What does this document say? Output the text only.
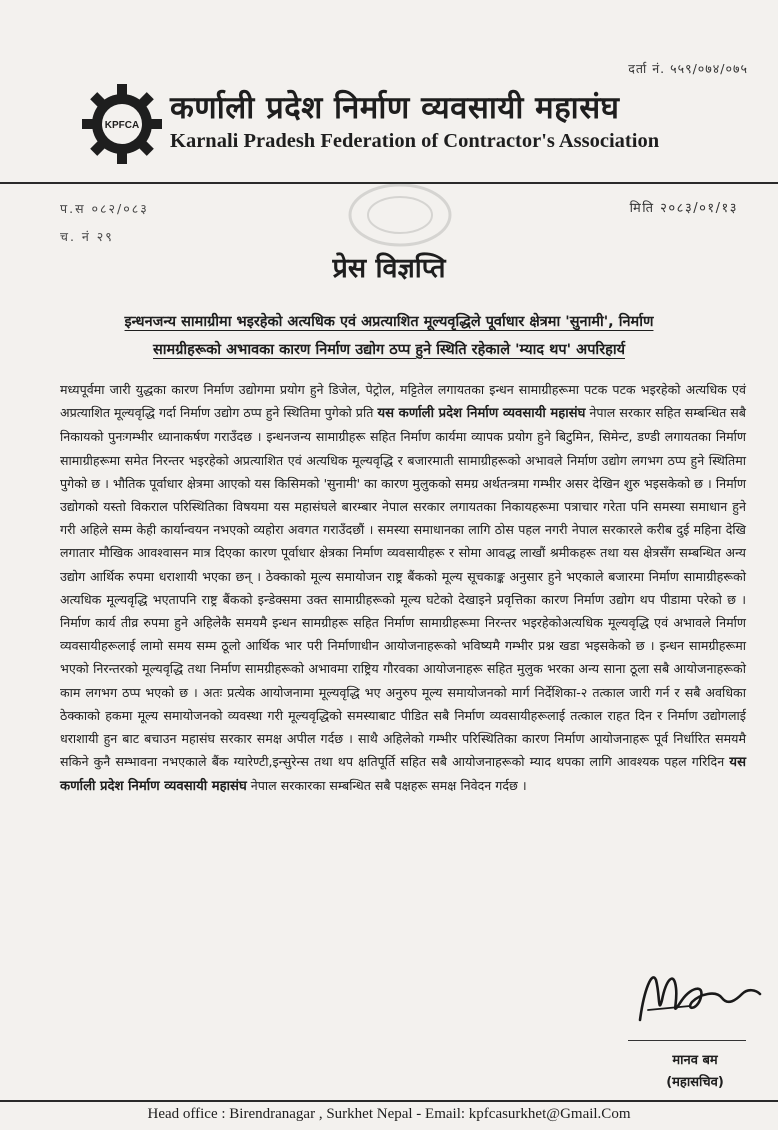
दर्ता नं. ५५९/०७४/०७५
KPFCA कर्णाली प्रदेश निर्माण व्यवसायी महासंघ
Karnali Pradesh Federation of Contractor's Association
प.स ०८२/०८३
च. नं २९
मिति २०८३/०१/१३
प्रेस विज्ञप्ति
इन्धनजन्य सामाग्रीमा भइरहेको अत्यधिक एवं अप्रत्याशित मूल्यवृद्धिले पूर्वाधार क्षेत्रमा 'सुनामी', निर्माण
सामग्रीहरूको अभावका कारण निर्माण उद्योग ठप्प हुने स्थिति रहेकाले 'म्याद थप' अपरिहार्य
मध्यपूर्वमा जारी युद्धका कारण निर्माण उद्योगमा प्रयोग हुने डिजेल, पेट्रोल, मट्टितेल लगायतका इन्धन सामाग्रीहरूमा पटक पटक भइरहेको अत्यधिक एवं अप्रत्याशित मूल्यवृद्धि गर्दा निर्माण उद्योग ठप्प हुने स्थितिमा पुगेको प्रति यस कर्णाली प्रदेश निर्माण व्यवसायी महासंघ नेपाल सरकार सहित सम्बन्धित सबै निकायको पुनःगम्भीर ध्यानाकर्षण गराउँदछ । इन्धनजन्य सामाग्रीहरू सहित निर्माण कार्यमा व्यापक प्रयोग हुने बिटुमिन, सिमेन्ट, डण्डी लगायतका निर्माण सामाग्रीहरूमा समेत निरन्तर भइरहेको अप्रत्याशित एवं अत्यधिक मूल्यवृद्धि र बजारमाती सामाग्रीहरूको अभावले निर्माण उद्योग लगभग ठप्प हुने स्थितिमा पुगेको छ । भौतिक पूर्वाधार क्षेत्रमा आएको यस किसिमको 'सुनामी' का कारण मुलुकको समग्र अर्थतन्त्रमा गम्भीर असर देखिन शुरु भइसकेको छ । निर्माण उद्योगको यस्तो विकराल परिस्थितिका विषयमा यस महासंघले बारम्बार नेपाल सरकार लगायतका निकायहरूमा पत्राचार गरेता पनि समस्या समाधान हुने गरी अहिले सम्म केही कार्यान्वयन नभएको व्यहोरा अवगत गराउँदछौं । समस्या समाधानका लागि ठोस पहल नगरी नेपाल सरकारले करीब दुई महिना देखि लगातार मौखिक आवश्वासन मात्र दिएका कारण पूर्वाधार क्षेत्रका निर्माण व्यवसायीहरू र सोमा आवद्ध लाखौं श्रमीकहरू तथा यस क्षेत्रसँग सम्बन्धित अन्य उद्योग आर्थिक रुपमा धराशायी भएका छन् । ठेक्काको मूल्य समायोजन राष्ट्र बैंकको मूल्य सूचकाङ्क अनुसार हुने भएकाले बजारमा निर्माण सामाग्रीहरूको अत्यधिक मूल्यवृद्धि भएतापनि राष्ट्र बैंकको इन्डेक्समा उक्त सामाग्रीहरूको मूल्य घटेको देखाइने प्रवृत्तिका कारण निर्माण उद्योग थप पीडामा परेको छ । निर्माण कार्य तीव्र रुपमा हुने अहिलेकै समयमै इन्धन सामग्रीहरू सहित निर्माण सामाग्रीहरूमा निरन्तर भइरहेकोअत्यधिक मूल्यवृद्धि एवं अभावले निर्माण व्यवसायीहरूलाई लामो समय सम्म ठूलो आर्थिक भार परी निर्माणाधीन आयोजनाहरूको भविष्यमै गम्भीर प्रश्न खडा भइसकेको छ । इन्धन सामग्रीहरूमा भएको निरन्तरको मूल्यवृद्धि तथा निर्माण सामग्रीहरूको अभावमा राष्ट्रिय गौरवका आयोजनाहरू सहित मुलुक भरका अन्य साना ठूला सबै आयोजनाहरूको काम लगभग ठप्प भएको छ । अतः प्रत्येक आयोजनामा मूल्यवृद्धि भए अनुरुप मूल्य समायोजनको मार्ग निर्देशिका-२ तत्काल जारी गर्न र सबै अवधिका ठेक्काको हकमा मूल्य समायोजनको व्यवस्था गरी मूल्यवृद्धिको समस्याबाट पीडित सबै निर्माण व्यवसायीहरूलाई तत्काल राहत दिन र निर्माण उद्योगलाई धराशायी हुन बाट बचाउन महासंघ सरकार समक्ष अपील गर्दछ । साथै अहिलेको गम्भीर परिस्थितिका कारण निर्माण आयोजनाहरू पूर्व निर्धारित समयमै सकिने कुनै सम्भावना नभएकाले बैंक ग्यारेण्टी,इन्सुरेन्स तथा थप क्षतिपूर्ति सहित सबै आयोजनाहरूको म्याद थपका लागि आवश्यक पहल गरिदिन यस कर्णाली प्रदेश निर्माण व्यवसायी महासंघ नेपाल सरकारका सम्बन्धित सबै पक्षहरू समक्ष निवेदन गर्दछ ।
मानव बम
(महासचिव)
Head office : Birendranagar , Surkhet Nepal - Email: kpfcasurkhet@Gmail.Com
